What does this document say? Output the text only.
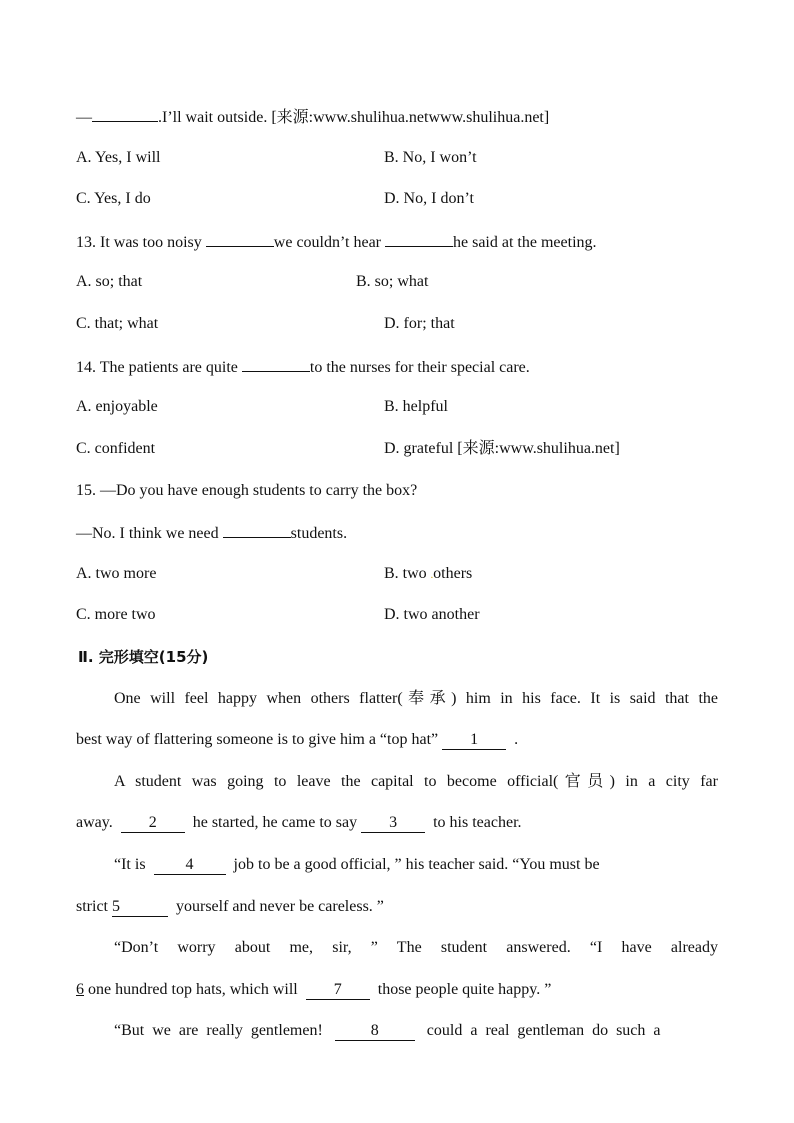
—	.I’ll wait outside. [来源:www.shulihua.netwww.shulihua.net]
A. Yes, I will	B. No, I won’t
C. Yes, I do	D. No, I don’t
13. It was too noisy	we couldn’t hear	he said at the meeting.
A. so; that	B. so; what
C. that; what	D. for; that
14. The patients are quite	to the nurses for their special care.
A. enjoyable	B. helpful
C. confident	D. grateful [来源:www.shulihua.net]
15. —Do you have enough students to carry the box?
—No. I think we need	students.
A. two more	B. two .others
C. more two	D. two another
Ⅱ. 完形填空(15分)
One will feel happy when others flatter(奉承) him in his face. It is said that the
best way of flattering someone is to give him a “top hat” 1 .
A student was going to leave the capital to become official(官员) in a city far
away. 2 he started, he came to say 3 to his teacher.
“It is	4	job to be a good official, ” his teacher said. “You must be
strict 5	yourself and never be careless. ”
“Don’t worry about me, sir, ” The student answered. “I have already
6 one hundred top hats, which will 7 those people quite happy. ”
“But we are really gentlemen!	8	could a real gentleman do such a
